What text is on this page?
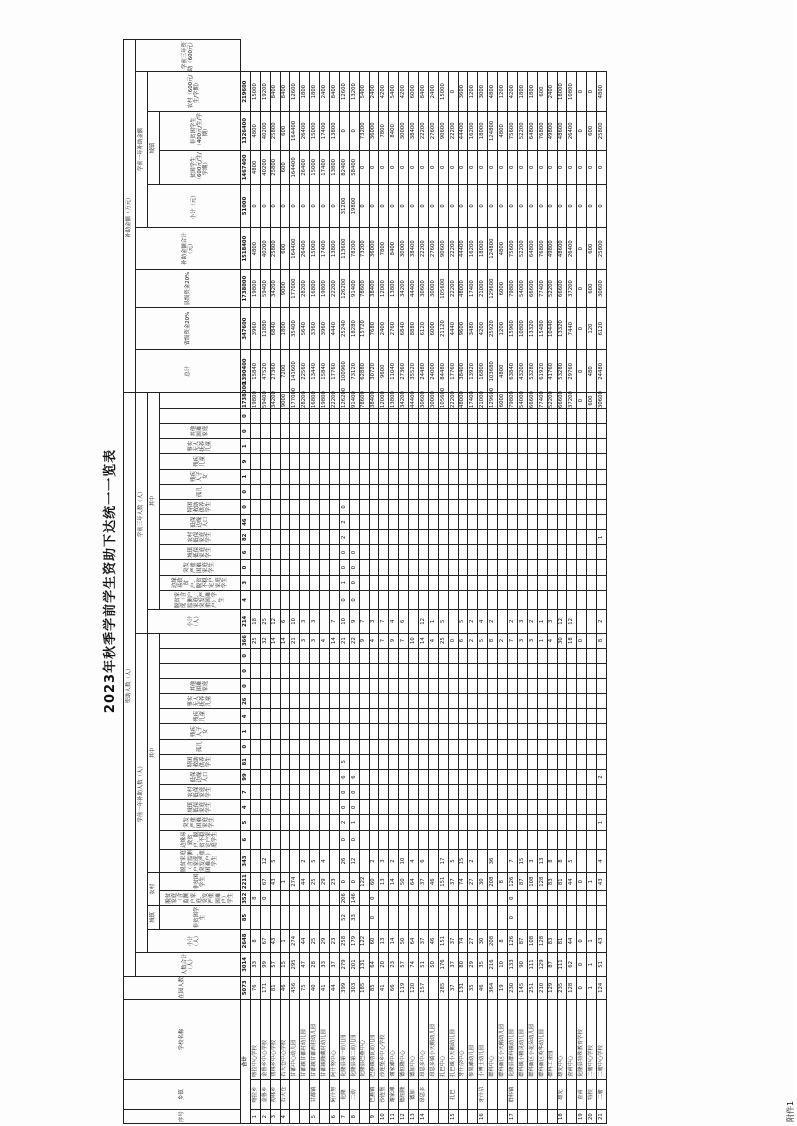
2023年秋季学前学生资助下达统一一览表
附件1
序号	乡镇	学校名称	在园人数	资助人数（人）																																			补助金额（万元）								
				人数合计（人）	学前一年补助人数（人）																			学前三年人数（人）															总计	省级资金20%	县级资金20%	补助金额合计（元）	学前一年补助金额				学前三年资助（600元）
					小计（人）	城镇	农村		其中															小计（人）	其中																		小计（元）	城镇		农村（600元/生/学期）	
						非贫困学生	脱贫家庭（含监测户家庭、突发严重困难户）学生	非贫困学生	脱贫家庭（含监测户家庭、突发严重困难户）学生	边缘易致贫户、脱贫不稳定户家庭学生	突发严重困难家庭学生	城镇低保家庭学生	农村低保家庭学生	低保边缘人口	特困救助供养学生	孤儿	残疾人子女	残疾儿童	事实无人抚养儿童	其他困难家庭					脱贫家庭（含监测户家庭、突发严重困难户）学生	边缘易致贫户、脱贫不稳定户家庭学生	突发严重困难家庭学生	城镇低保家庭学生	农村低保家庭学生	低保边缘人口	特困救助供养学生	孤儿	残疾人子女	残疾儿童	事实无人抚养儿童	其他困难家庭								贫困学生（600元/生/学期）	非贫困学生（400元/生/学期）		
合计			5073	3014	2648	85	352	2211	343	6	5	4	7	99	81	0	1	4	26	0	0	0	366	214	4	3	0	6	82	46	0	0	1	9	1	0	0	1738000	1390400	347600	1738000	1518400	51000	1467400	1326400	219600	
1	喀拉乡	喀拉中心学校	76	33	8		8																25	18														19800	15840	3960	19800	4800	0	4800	4800	15000	
2	金鲁乡	金鲁乡中心学校	171	99	67		0	67	12														32	25														59400	47520	11880	59400	40200	0	40200	40200	19200	
3	初林乡	初林乡中心学校	81	57	43			43	5														14	12														34200	27360	6840	34200	25800	0	25800	25800	8400	
4	石大仓	石大仓中心学校	46	15	1			1															14	6														9000	7200	1800	9000	600	0	600	600	8400	
		甘都中心幼儿园	456	295	274			274															21	10														177000	141600	35400	177000	164400	0	164400	164400	12600	
		甘都镇甘都村幼儿园	75	47	44			44	2														3	3														28200	22560	5640	28200	26400	0	26400	26400	1800	
5	甘都镇	甘都镇甘都西村幼儿园	40	28	25			25	5														3	3														16800	13440	3360	16800	15000	0	15000	15000	1800	
		甘都镇隆藏村幼儿园	41	33	29			29	4														4															19800	15840	3960	19800	17400	0	17400	17400	2400	
6	阿什努	阿什努中心	44	37	23			23															14	7														22200	17760	4440	22200	13800	0	13800	13800	8400	
7	化隆	化隆县第一幼儿园	399	279	258	52	206	0	26	0	2	0	0	6	5								21	10	0	1	0	0	2	2	0							126200	100960	25240	126200	113600	31200	82400	0	12600	
8	二幼	化隆县第二幼儿园	303	201	179	33	146	0	12	0	1	0	0	6									22	9	0	0	0	0										91400	73120	18280	91400	78200	19800	58400	0	13200	
		化隆县巴燕中心	185	131	122			122															9	7														78600	62880	15720	78600	73200	0	0	73200	5400	
9	巴燕镇	巴燕镇塔瓦幼儿园	85	64	60	0	0	60	2														4	3														38400	30720	7680	38400	36000	0	0	36000	2400	
10	沙连堡	沙连堡乡中心学校	41	20	13			13	3														7	7														12000	9600	2400	12000	7800	0	0	7800	4200	
11	谢家滩	谢家滩中心	66	23	14			14	2														9	4														13800	11040	2760	13800	8400	0	0	8400	5400	
12	德恒隆	德恒隆中心	119	57	50			50	10														7	6														34200	27360	6840	34200	30000	0	0	30000	4200	
13	德加	德加中心	120	74	64			64	4														10															44400	35520	8880	44400	38400	0	0	38400	6000	
14	昂思多	昂思多中心	157	51	37			37	6														14	12														30600	24480	6120	30600	22200	0	0	22200	8400	
		昂思多镇小天鹅幼儿园		50	46			46															4	1														30000	24000	6000	30000	27600	0	0	27600	2400	
		扎巴中心	285	176	151			151	17														25	5														105600	84480	21120	105600	90600	0	0	90600	15000	
15	扎巴	扎巴镇小天鹅幼儿园	37	37	37			37	5														0															22200	17760	4440	22200	22200	0	0	22200	0	
		牙什尕中心	131	80	74			74	15														6	5														48000	38400	9600	48000	44400	0	0	44400	3600	
		参果滩幼儿园	35	29	27			27	2														2	2														17400	13920	3480	17400	16200	0	0	16200	1200	
16	牙什尕	小博士幼儿园	46	35	30			30															5	4														21000	16800	4200	21000	18000	0	0	18000	3000	
		群科中心	364	216	208			208	36														8	2														129600	103680	25920	129600	124800	0	0	124800	4800	
		群科新区小天鹅幼儿园	19	10	8			8															2															6000	4800	1200	6000	4800	0	0	4800	1200	
17	群科镇	化隆县群科镇幼儿园	230	133	126	0	0	126	7														7	2														79800	63840	15960	79800	75600	0	0	75600	4200	
		群科镇小精灵幼儿园	145	90	87			87	15														3	3														54000	43200	10800	54000	52200	0	0	52200	1800	
		群科新区小花朵幼儿园	251	111	108			108	3														3	2														66600	53280	13320	66600	64800	0	0	64800	1800	
		群科新区英华幼儿园	210	129	128			128	13														1	1														77400	61920	15480	77400	76800	0	0	76800	600	
		群科工业园	129	87	83			83	8														4	3														52200	41760	10440	52200	49800	0	0	49800	2400	
18	雄先	雄先中心	235	111	81			81	8														30	12														66600	53280	13320	66600	48600	0	0	48600	18000	
		查甫中心	128	62	44			44	5														18	12														37200	29760	7440	37200	26400	0	0	26400	10800	
19	查甫	化隆县特殊教育学校	0	0	0			0															0															0	0	0	0	0	0	0	0	0	
20	特校	二塘中心学校	1	1	1			1																														600	480	120	600	600	0	0	600	0	
21	二塘	二塘中心学校	124	51	43			43	4		1			2									8	2					1									30600	24480	6120	30600	25800	0	0	25800	4800	
